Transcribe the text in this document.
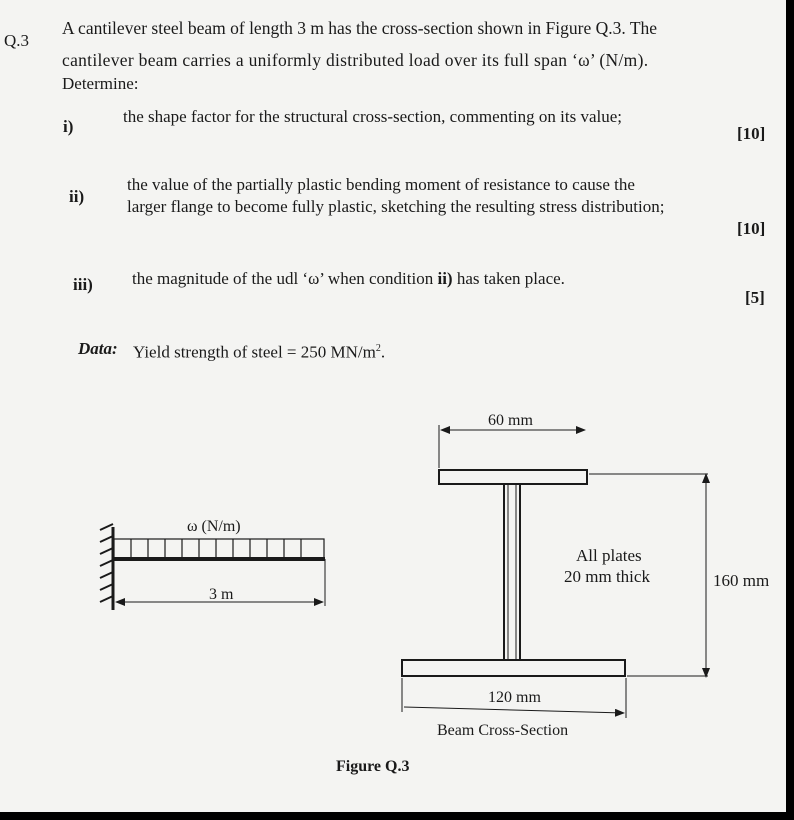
Q.3
A cantilever steel beam of length 3 m has the cross-section shown in Figure Q.3. The
cantilever beam carries a uniformly distributed load over its full span ‘ω’ (N/m).
Determine:
i)
the shape factor for the structural cross-section, commenting on its value;
[10]
ii)
the value of the partially plastic bending moment of resistance to cause the
larger flange to become fully plastic, sketching the resulting stress distribution;
[10]
iii) the magnitude of the udl ‘ω’ when condition ii) has taken place.
[5]
Data: Yield strength of steel = 250 $MN/m^2$.
ω (N/m)
3 m
60 mm
All plates
20 mm thick	160 mm
120 mm
Beam Cross-Section
Figure Q.3
